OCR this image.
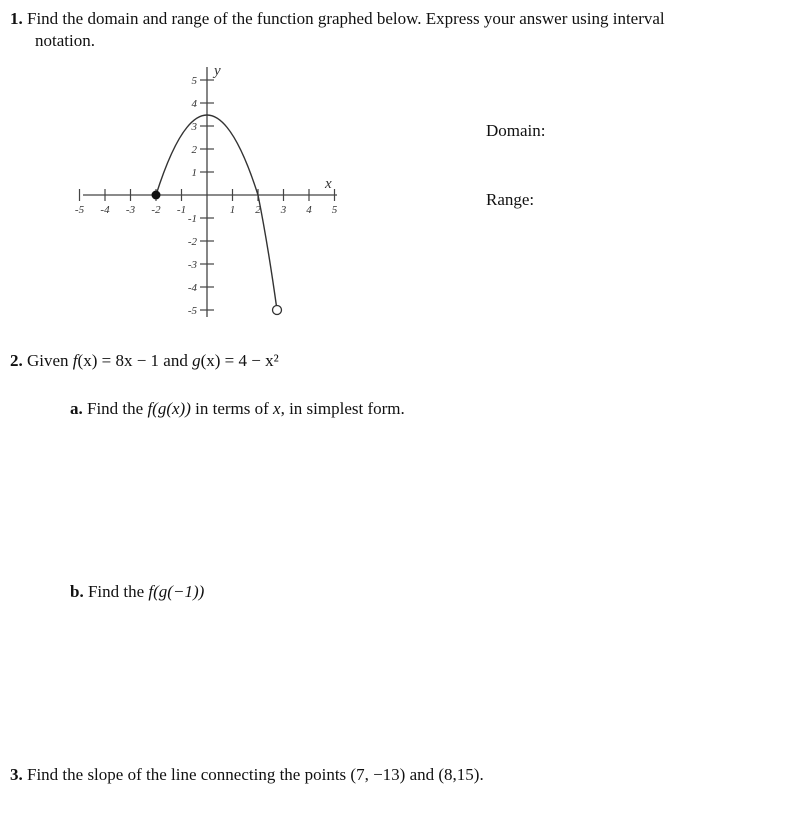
1. Find the domain and range of the function graphed below. Express your answer using interval
notation.
Domain:
Range:
1
-1
1
-1
2
-2
2
-2
3
-3
3
-3
4
-4
4
-4
5
-5
5
-5
x
y
2. Given f(x) = 8x − 1 and g(x) = 4 − x²
a. Find the f(g(x)) in terms of x, in simplest form.
b. Find the f(g(−1))
3. Find the slope of the line connecting the points (7, −13) and (8,15).
